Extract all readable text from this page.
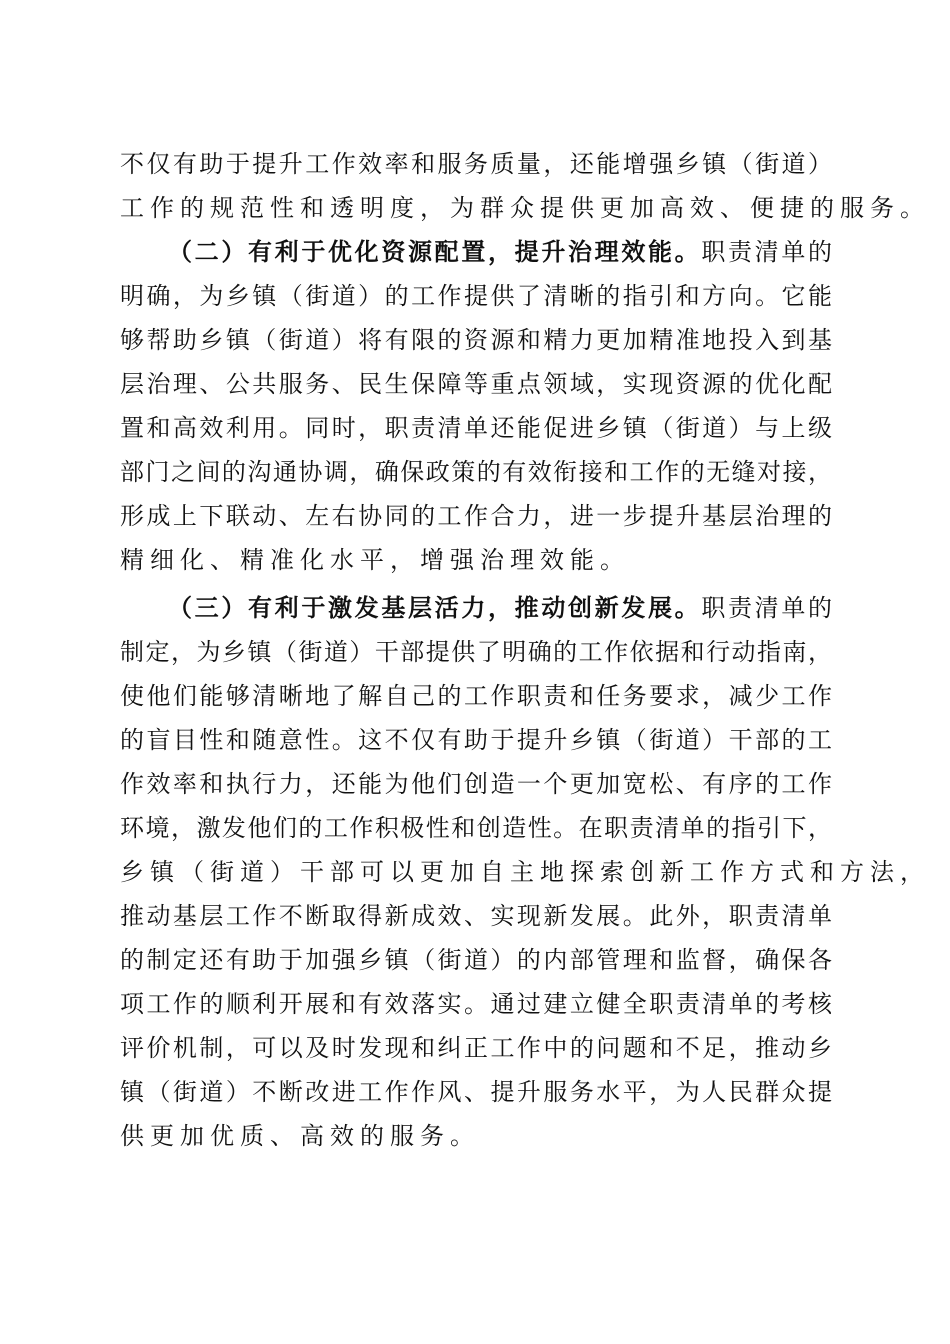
不仅有助于提升工作效率和服务质量，还能增强乡镇（街道）
工作的规范性和透明度，为群众提供更加高效、便捷的服务。
（二）有利于优化资源配置，提升治理效能。职责清单的
明确，为乡镇（街道）的工作提供了清晰的指引和方向。它能
够帮助乡镇（街道）将有限的资源和精力更加精准地投入到基
层治理、公共服务、民生保障等重点领域，实现资源的优化配
置和高效利用。同时，职责清单还能促进乡镇（街道）与上级
部门之间的沟通协调，确保政策的有效衔接和工作的无缝对接，
形成上下联动、左右协同的工作合力，进一步提升基层治理的
精细化、精准化水平，增强治理效能。
（三）有利于激发基层活力，推动创新发展。职责清单的
制定，为乡镇（街道）干部提供了明确的工作依据和行动指南，
使他们能够清晰地了解自己的工作职责和任务要求，减少工作
的盲目性和随意性。这不仅有助于提升乡镇（街道）干部的工
作效率和执行力，还能为他们创造一个更加宽松、有序的工作
环境，激发他们的工作积极性和创造性。在职责清单的指引下，
乡镇（街道）干部可以更加自主地探索创新工作方式和方法，
推动基层工作不断取得新成效、实现新发展。此外，职责清单
的制定还有助于加强乡镇（街道）的内部管理和监督，确保各
项工作的顺利开展和有效落实。通过建立健全职责清单的考核
评价机制，可以及时发现和纠正工作中的问题和不足，推动乡
镇（街道）不断改进工作作风、提升服务水平，为人民群众提
供更加优质、高效的服务。
